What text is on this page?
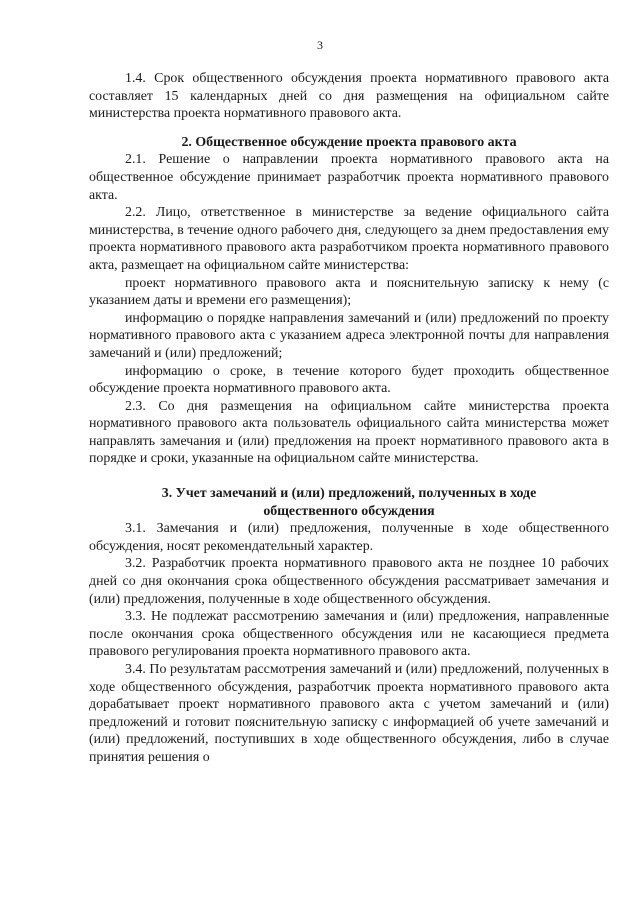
3

1.4. Срок общественного обсуждения проекта нормативного правового акта составляет 15 календарных дней со дня размещения на официальном сайте министерства проекта нормативного правового акта.

2. Общественное обсуждение проекта правового акта

2.1. Решение о направлении проекта нормативного правового акта на общественное обсуждение принимает разработчик проекта нормативного правового акта.

2.2. Лицо, ответственное в министерстве за ведение официального сайта министерства, в течение одного рабочего дня, следующего за днем предоставления ему проекта нормативного правового акта разработчиком проекта нормативного правового акта, размещает на официальном сайте министерства:

проект нормативного правового акта и пояснительную записку к нему (с указанием даты и времени его размещения);

информацию о порядке направления замечаний и (или) предложений по проекту нормативного правового акта с указанием адреса электронной почты для направления замечаний и (или) предложений;

информацию о сроке, в течение которого будет проходить общественное обсуждение проекта нормативного правового акта.

2.3. Со дня размещения на официальном сайте министерства проекта нормативного правового акта пользователь официального сайта министерства может направлять замечания и (или) предложения на проект нормативного правового акта в порядке и сроки, указанные на официальном сайте министерства.

3. Учет замечаний и (или) предложений, полученных в ходе
общественного обсуждения

3.1. Замечания и (или) предложения, полученные в ходе общественного обсуждения, носят рекомендательный характер.

3.2. Разработчик проекта нормативного правового акта не позднее 10 рабочих дней со дня окончания срока общественного обсуждения рассматривает замечания и (или) предложения, полученные в ходе общественного обсуждения.

3.3. Не подлежат рассмотрению замечания и (или) предложения, направленные после окончания срока общественного обсуждения или не касающиеся предмета правового регулирования проекта нормативного правового акта.

3.4. По результатам рассмотрения замечаний и (или) предложений, полученных в ходе общественного обсуждения, разработчик проекта нормативного правового акта дорабатывает проект нормативного правового акта с учетом замечаний и (или) предложений и готовит пояснительную записку с информацией об учете замечаний и (или) предложений, поступивших в ходе общественного обсуждения, либо в случае принятия решения о
